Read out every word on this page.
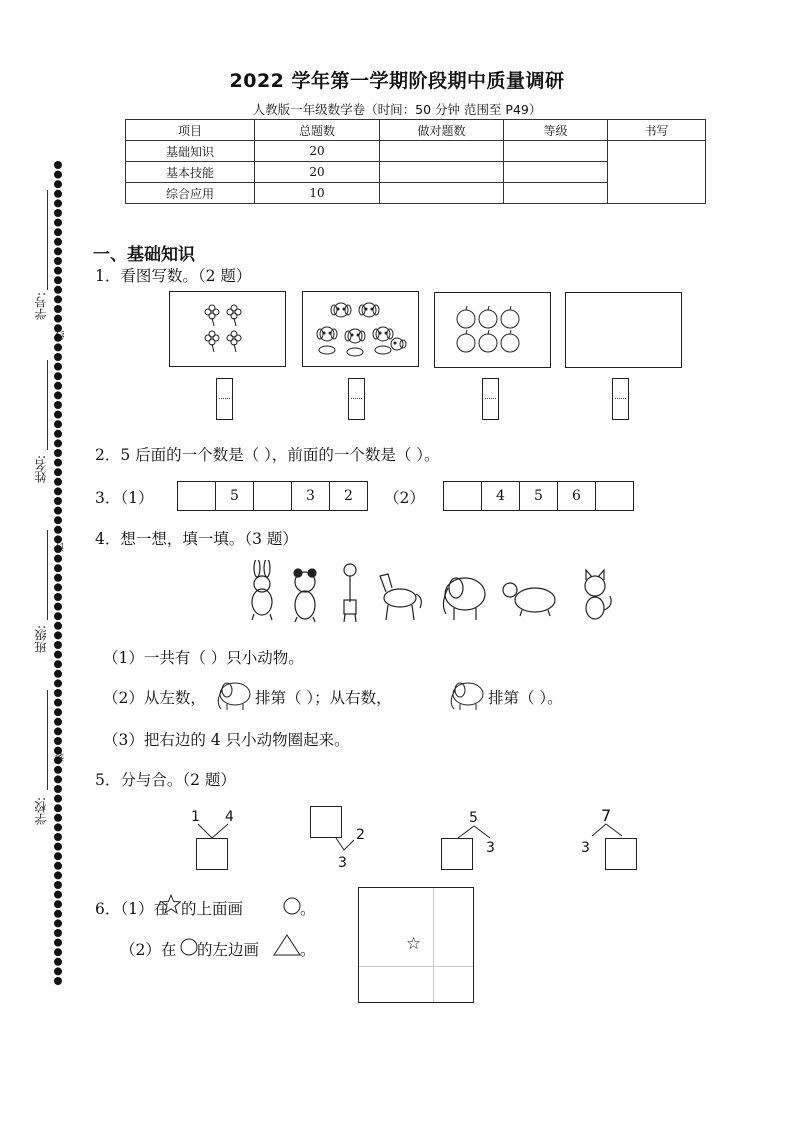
学号:
姓名:
班级:
学校:
线
订
装
2022 学年第一学期阶段期中质量调研
人教版一年级数学卷（时间：50 分钟 范围至 P49）
项目	总题数	做对题数	等级	书写
基础知识	20			
基本技能	20			
综合应用	10			
一、基础知识
1．看图写数。（2 题）
2．5 后面的一个数是（ ），前面的一个数是（ ）。
3．（1）
		5		3	2 （2）
		4	5	6	
4．想一想，填一填。（3 题）
（1）一共有（ ）只小动物。
（2）从左数，	排第（ ）；从右数，	排第（ ）。
（3）把右边的 4 只小动物圈起来。
5．分与合。（2 题）
1 4
2
3
5
3
7
3
6．（1）在 的上面画	。
（2）在 的左边画	。	☆
